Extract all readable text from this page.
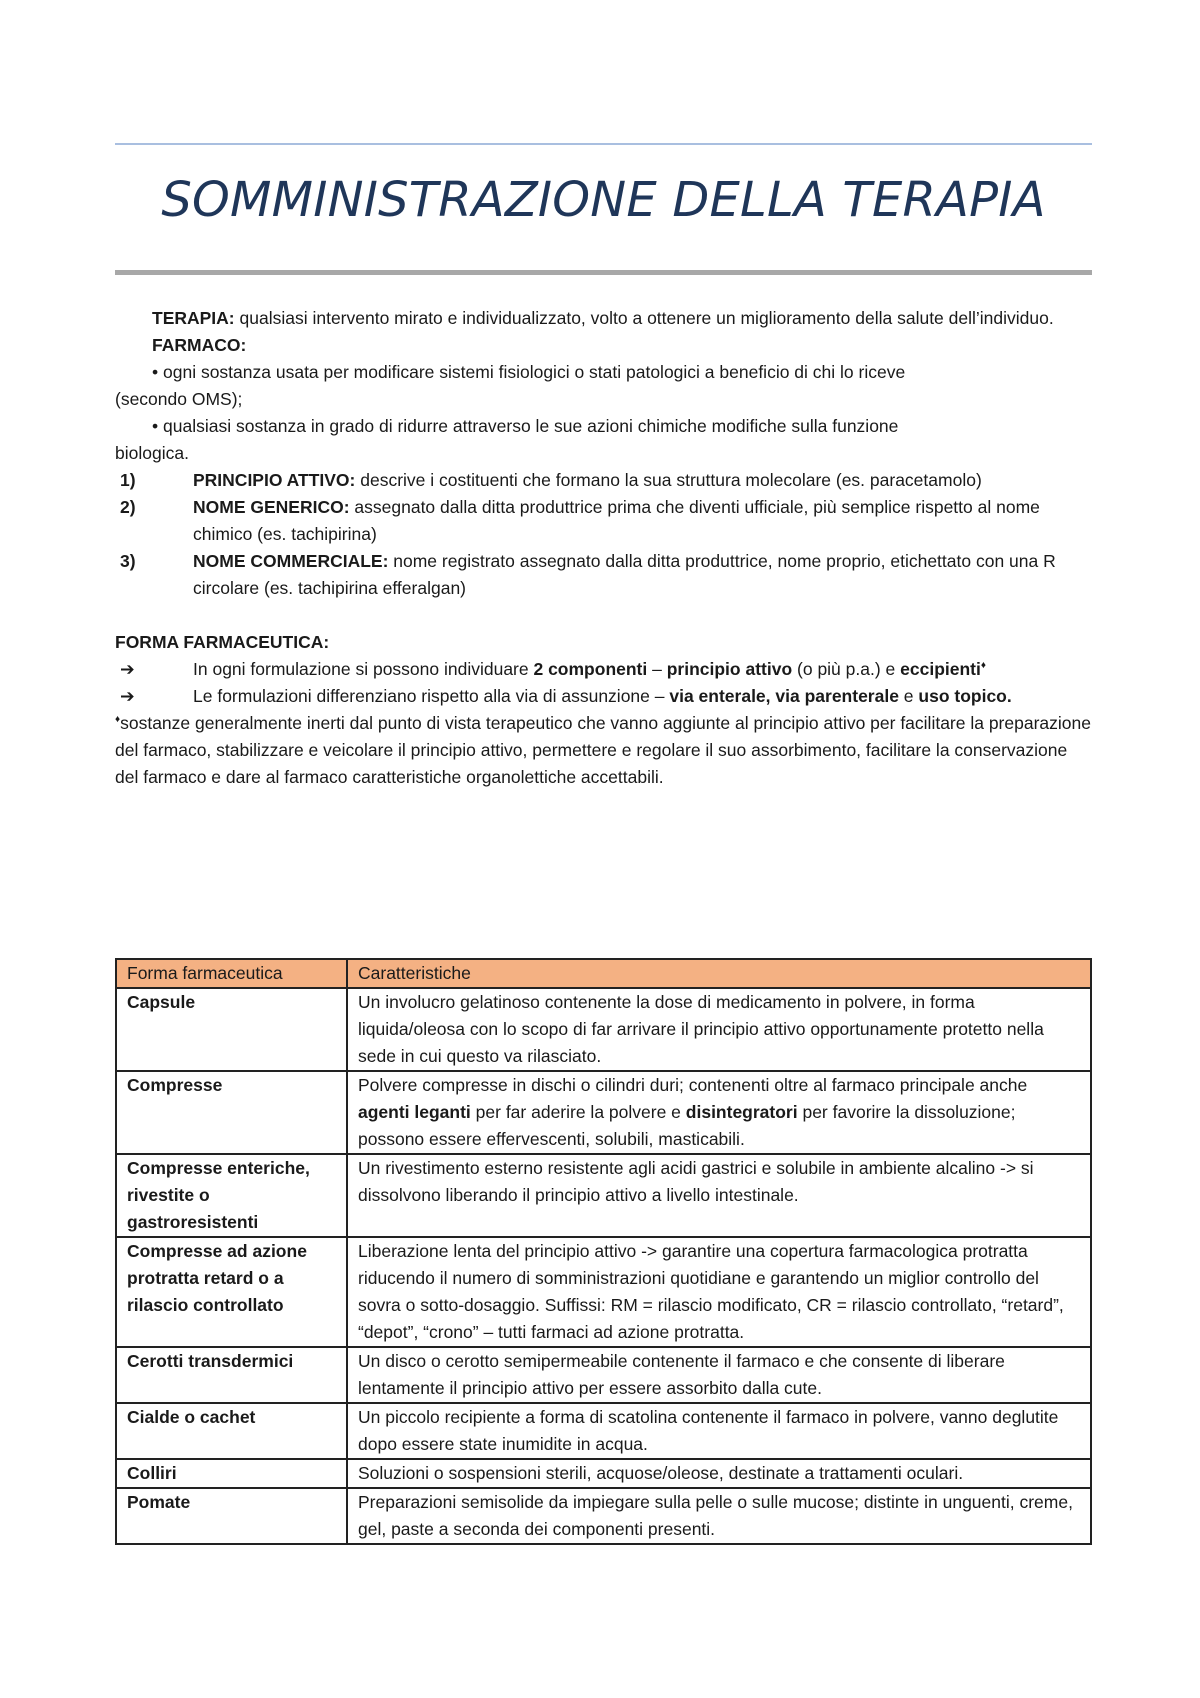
SOMMINISTRAZIONE DELLA TERAPIA

TERAPIA: qualsiasi intervento mirato e individualizzato, volto a ottenere un miglioramento della salute dell’individuo.

FARMACO:

• ogni sostanza usata per modificare sistemi fisiologici o stati patologici a beneficio di chi lo riceve
(secondo OMS);

• qualsiasi sostanza in grado di ridurre attraverso le sue azioni chimiche modifiche sulla funzione
biologica.

1)	PRINCIPIO ATTIVO: descrive i costituenti che formano la sua struttura molecolare (es. paracetamolo)
2)	NOME GENERICO: assegnato dalla ditta produttrice prima che diventi ufficiale, più semplice rispetto al nome chimico (es. tachipirina)
3)	NOME COMMERCIALE: nome registrato assegnato dalla ditta produttrice, nome proprio, etichettato con una R circolare (es. tachipirina efferalgan)

FORMA FARMACEUTICA:

➔	In ogni formulazione si possono individuare 2 componenti – principio attivo (o più p.a.) e eccipienti♦
➔	Le formulazioni differenziano rispetto alla via di assunzione – via enterale, via parenterale e uso topico.

♦sostanze generalmente inerti dal punto di vista terapeutico che vanno aggiunte al principio attivo per facilitare la preparazione del farmaco, stabilizzare e veicolare il principio attivo, permettere e regolare il suo assorbimento, facilitare la conservazione del farmaco e dare al farmaco caratteristiche organolettiche accettabili.

Forma farmaceutica	Caratteristiche
Capsule	Un involucro gelatinoso contenente la dose di medicamento in polvere, in forma liquida/oleosa con lo scopo di far arrivare il principio attivo opportunamente protetto nella sede in cui questo va rilasciato.
Compresse	Polvere compresse in dischi o cilindri duri; contenenti oltre al farmaco principale anche agenti leganti per far aderire la polvere e disintegratori per favorire la dissoluzione; possono essere effervescenti, solubili, masticabili.
Compresse enteriche, rivestite o gastroresistenti	Un rivestimento esterno resistente agli acidi gastrici e solubile in ambiente alcalino -> si dissolvono liberando il principio attivo a livello intestinale.
Compresse ad azione protratta retard o a rilascio controllato	Liberazione lenta del principio attivo -> garantire una copertura farmacologica protratta riducendo il numero di somministrazioni quotidiane e garantendo un miglior controllo del sovra o sotto-dosaggio. Suffissi: RM = rilascio modificato, CR = rilascio controllato, “retard”, “depot”, “crono” – tutti farmaci ad azione protratta.
Cerotti transdermici	Un disco o cerotto semipermeabile contenente il farmaco e che consente di liberare lentamente il principio attivo per essere assorbito dalla cute.
Cialde o cachet	Un piccolo recipiente a forma di scatolina contenente il farmaco in polvere, vanno deglutite dopo essere state inumidite in acqua.
Colliri	Soluzioni o sospensioni sterili, acquose/oleose, destinate a trattamenti oculari.
Pomate	Preparazioni semisolide da impiegare sulla pelle o sulle mucose; distinte in unguenti, creme, gel, paste a seconda dei componenti presenti.
